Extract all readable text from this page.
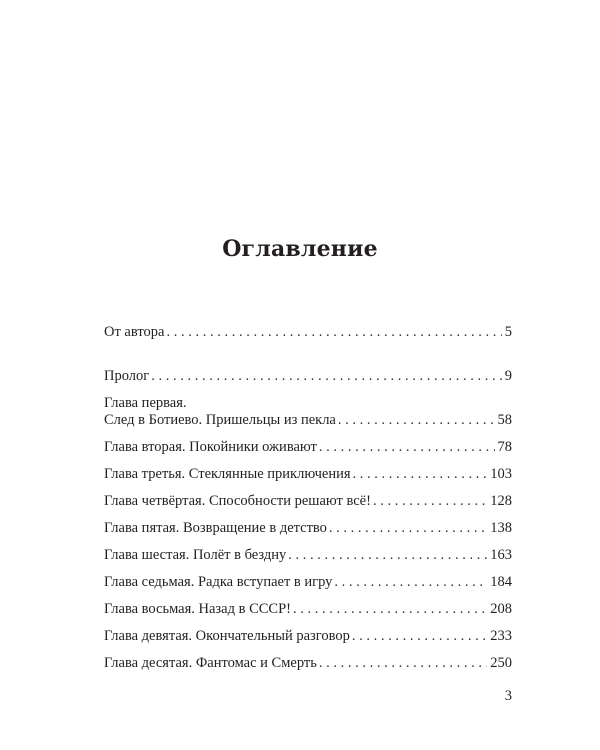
Оглавление
От автора . . .	5
Пролог . . .	9
Глава первая.
След в Ботиево. Пришельцы из пекла . . .	58
Глава вторая. Покойники оживают . . .	78
Глава третья. Стеклянные приключения . . .	103
Глава четвёртая. Способности решают всё! . . .	128
Глава пятая. Возвращение в детство . . .	138
Глава шестая. Полёт в бездну . . .	163
Глава седьмая. Радка вступает в игру . . .	184
Глава восьмая. Назад в СССР! . . .	208
Глава девятая. Окончательный разговор . . .	233
Глава десятая. Фантомас и Смерть . . .	250
3
